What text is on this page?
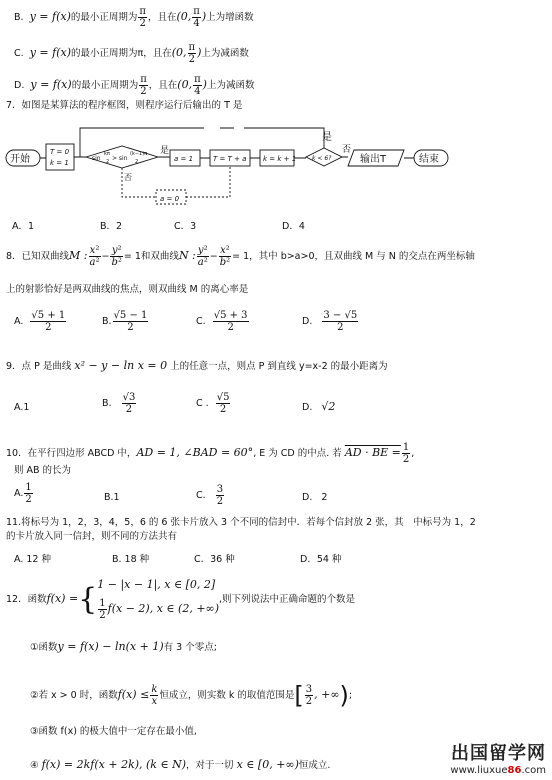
B. y = f(x)的最小正周期为 $\frac{\pi}{2}$ ，且在(0, $\frac{\pi}{4}$ )上为增函数
C. y = f(x)的最小正周期为π，且在(0, $\frac{\pi}{2}$ )上为减函数
D. y = f(x)的最小正周期为 $\frac{\pi}{2}$ ，且在(0, $\frac{\pi}{4}$ )上为减函数
7．如图是某算法的程序框图，则程序运行后输出的 T 是
开始
T = 0
k = 1
sin
kπ
2 > sin
(k−1)π
2
是
否
a = 1
a = 0
T = T + a k = k + 1	k < 6?
是
否
输出T	结束
A．1	B．2	C．3	D．4
8．已知双曲线M : $\frac{\text{x²}}{\text{a²}} - \frac{\text{y²}}{\text{b²}} = 1$和双曲线N : $\frac{\text{y²}}{\text{a²}} - \frac{\text{x²}}{\text{b²}} = 1$，其中 b>a>0，且双曲线 M 与 N 的交点在两坐标轴
上的射影恰好是两双曲线的焦点，则双曲线 M 的离心率是
A. $\frac{√5 + 1}{2}$	B. $\frac{√5 - 1}{2}$	C. $\frac{√5 + 3}{2}$	D. $\frac{3 - √5}{2}$
9．点 P 是曲线 x² − y − ln x = 0 上的任意一点，则点 P 到直线 y=x-2 的最小距离为
A.1	B. $\frac{√3}{2}$	C . $\frac{√5}{2}$	D. √2
10．在平行四边形 ABCD 中，AD = 1, ∠BAD = 60°, E 为 CD 的中点. 若 AD · BE = $\frac{1}{2}$ ,
则 AB 的长为
A. $\frac{1}{2}$	B.1	C. $\frac{3}{2}$	D. 2
11.将标号为 1，2，3，4，5，6 的 6 张卡片放入 3 个不同的信封中．若每个信封放 2 张，其　中标号为 1，2
的卡片放入同一信封，则不同的方法共有
A. 12 种	B. 18 种	C．36 种	D．54 种
12．函数f(x) ={ 1 − |x − 1|, x ∈ [0, 2]
$\frac{1}{2} f(x - 2)$, x ∈ (2, +∞)
,则下列说法中正确命题的个数是
①函数y = f(x) − ln(x + 1)有 3 个零点;
②若 x > 0 时，函数$f(x) \le \frac{k}{x}$ 恒成立，则实数 k 的取值范围是[ $\frac{3}{2}$ , +∞);
③函数 f(x) 的极大值中一定存在最小值,
④ f(x) = 2kf(x + 2k), (k ∈ N)，对于一切 x ∈ [0, +∞)恒成立.
出国留学网
www.liuxue86.com
